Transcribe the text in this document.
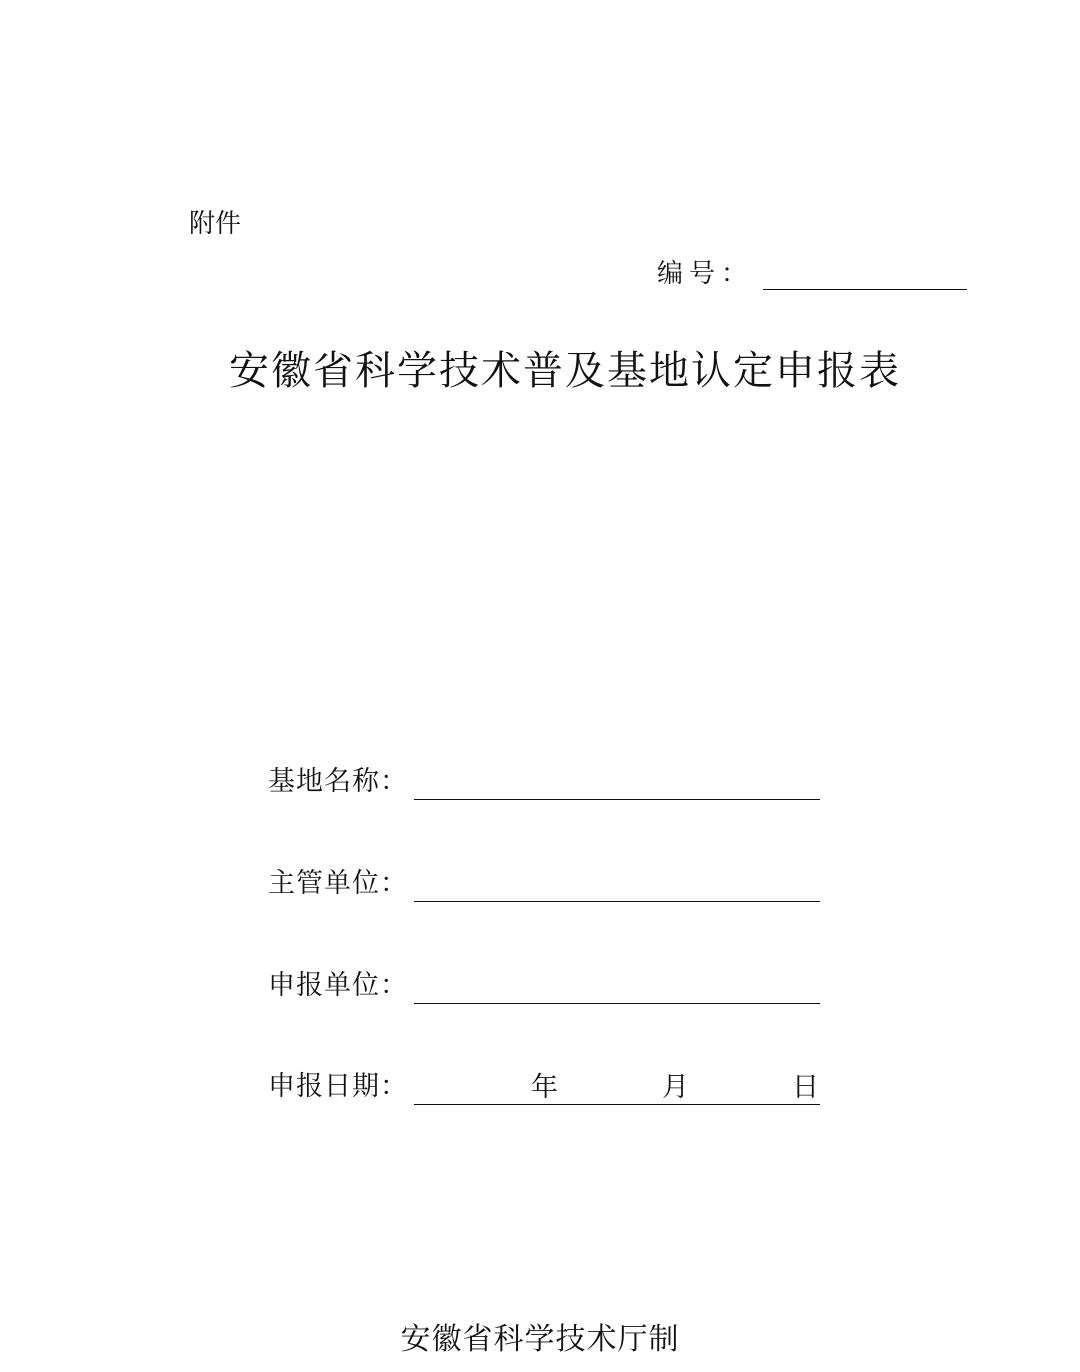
附件
编号：
安徽省科学技术普及基地认定申报表
基地名称：
主管单位：
申报单位：
申报日期：	年	月	日
安徽省科学技术厅制
